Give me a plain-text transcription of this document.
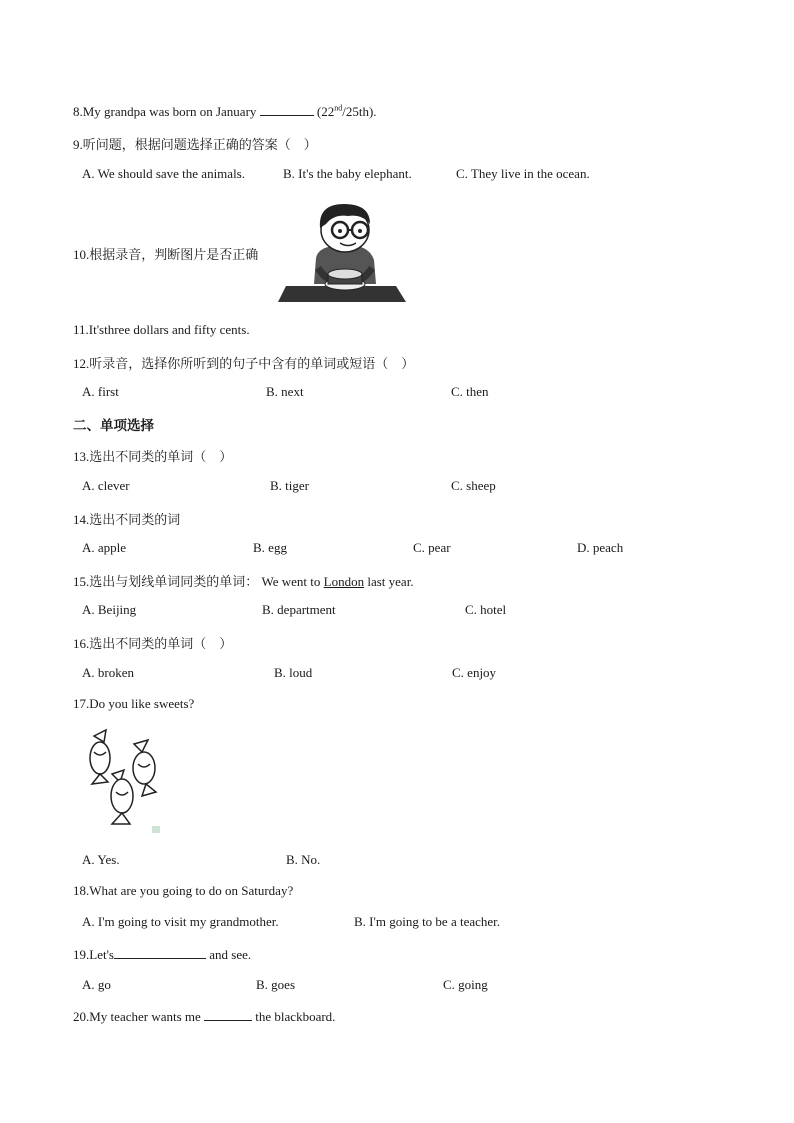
8.My grandpa was born on January	(22nd/25th).
9.听问题，根据问题选择正确的答案（　）
A. We should save the animals.	B. It's the baby elephant.	C. They live in the ocean.
10.根据录音，判断图片是否正确
11.It'sthree dollars and fifty cents.
12.听录音，选择你所听到的句子中含有的单词或短语（　）
A. first	B. next	C. then
二、单项选择
13.选出不同类的单词（　）
A. clever	B. tiger	C. sheep
14.选出不同类的词
A. apple	B. egg	C. pear	D. peach
15.选出与划线单词同类的单词： We went to London last year.
A. Beijing	B. department	C. hotel
16.选出不同类的单词（　）
A. broken	B. loud	C. enjoy
17.Do you like sweets?
A. Yes.	B. No.
18.What are you going to do on Saturday?
A. I'm going to visit my grandmother.	B. I'm going to be a teacher.
19.Let's	and see.
A. go	B. goes	C. going
20.My teacher wants me	the blackboard.
